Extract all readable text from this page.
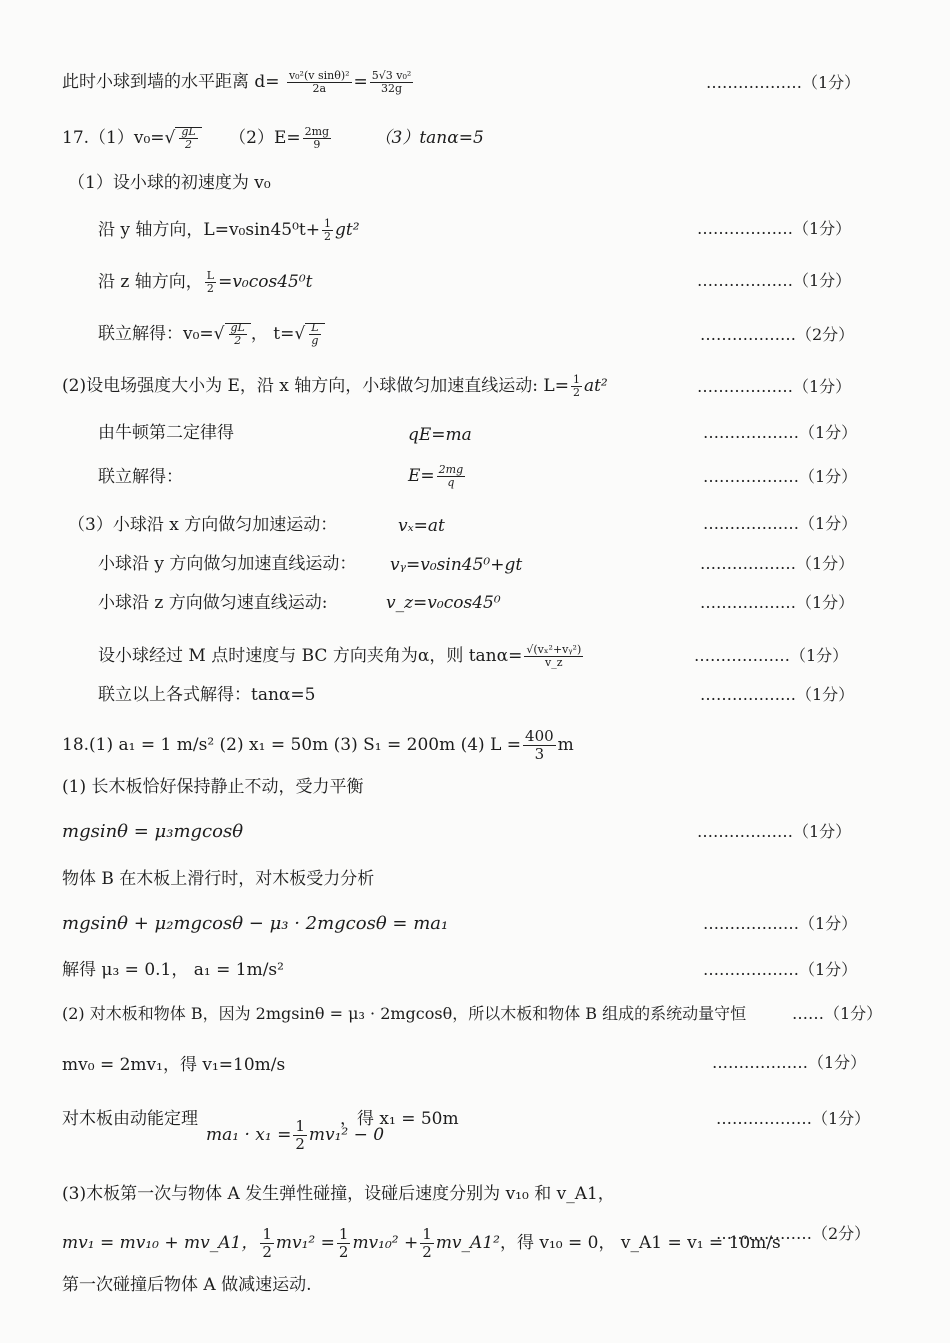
此时小球到墙的水平距离 $d= \frac{\text{v₀²(v sinθ)²}}{2a} = \frac{\text{5√3 v₀²}}{32g}$	………………（1分）
$17.(1)v_0=√ \frac{gL}{2} (2)E= \frac{2mg}{9}$	（3）tanα=5
（1）设小球的初速度为 v₀
沿 y 轴方向，$L=v_0\sin 45^0t+ \frac{1}{2} gt^2$	………………（1分）
沿 z 轴方向， $\frac{L}{2} =v_0\cos 45^0t$	………………（1分）
联立解得：$v_0=√ \frac{gL}{2}$ ， $t=√ \frac{L}{g}$	………………（2分）
(2)设电场强度大小为 E，沿 x 轴方向，小球做匀加速直线运动: $L= \frac{1}{2} at^2$	………………（1分）
由牛顿第二定律得	qE=ma	………………（1分）
联立解得：	$E= \frac{2mg}{q}$	………………（1分）
（3）小球沿 x 方向做匀加速运动：	vₓ=at	………………（1分）
小球沿 y 方向做匀加速直线运动： vᵧ=v₀sin45⁰+gt	………………（1分）
小球沿 z 方向做匀速直线运动:	v_z=v₀cos45⁰	………………（1分）
设小球经过 M 点时速度与 BC 方向夹角为α，则 $\tan\alpha= \frac{\text{√(vₓ²+vᵧ²)}}{v\_z}$	………………（1分）
联立以上各式解得：tanα=5	………………（1分）
18.(1) a₁ = 1 m/s² (2) x₁ = 50m (3) S₁ = 200m (4) $L = \frac{400}{3}$ m
(1) 长木板恰好保持静止不动，受力平衡
mgsinθ = μ₃mgcosθ	………………（1分）
物体 B 在木板上滑行时，对木板受力分析
mgsinθ + μ₂mgcosθ − μ₃ · 2mgcosθ = ma₁	………………（1分）
解得 μ₃ = 0.1， a₁ = 1m/s²	………………（1分）
(2) 对木板和物体 B，因为 2mgsinθ = μ₃ · 2mgcosθ，所以木板和物体 B 组成的系统动量守恒	……（1分）
mv₀ = 2mv₁，得 v₁=10m/s	………………（1分）
对木板由动能定理
$ma_1 \cdot x_1 = \frac{1}{2} mv_1^2 - 0$
，得 x₁ = 50m	………………（1分）
(3)木板第一次与物体 A 发生弹性碰撞，设碰后速度分别为 v₁₀ 和 v_A1，
mv₁ = mv₁₀ + mv_A1， $\frac{1}{2} mv_1^2 = \frac{1}{2} mv_{10}^2 + \frac{1}{2}$ mv_A1²，得 v₁₀ = 0， v_A1 = v₁ = 10m/s
………………（2分）
第一次碰撞后物体 A 做减速运动.
